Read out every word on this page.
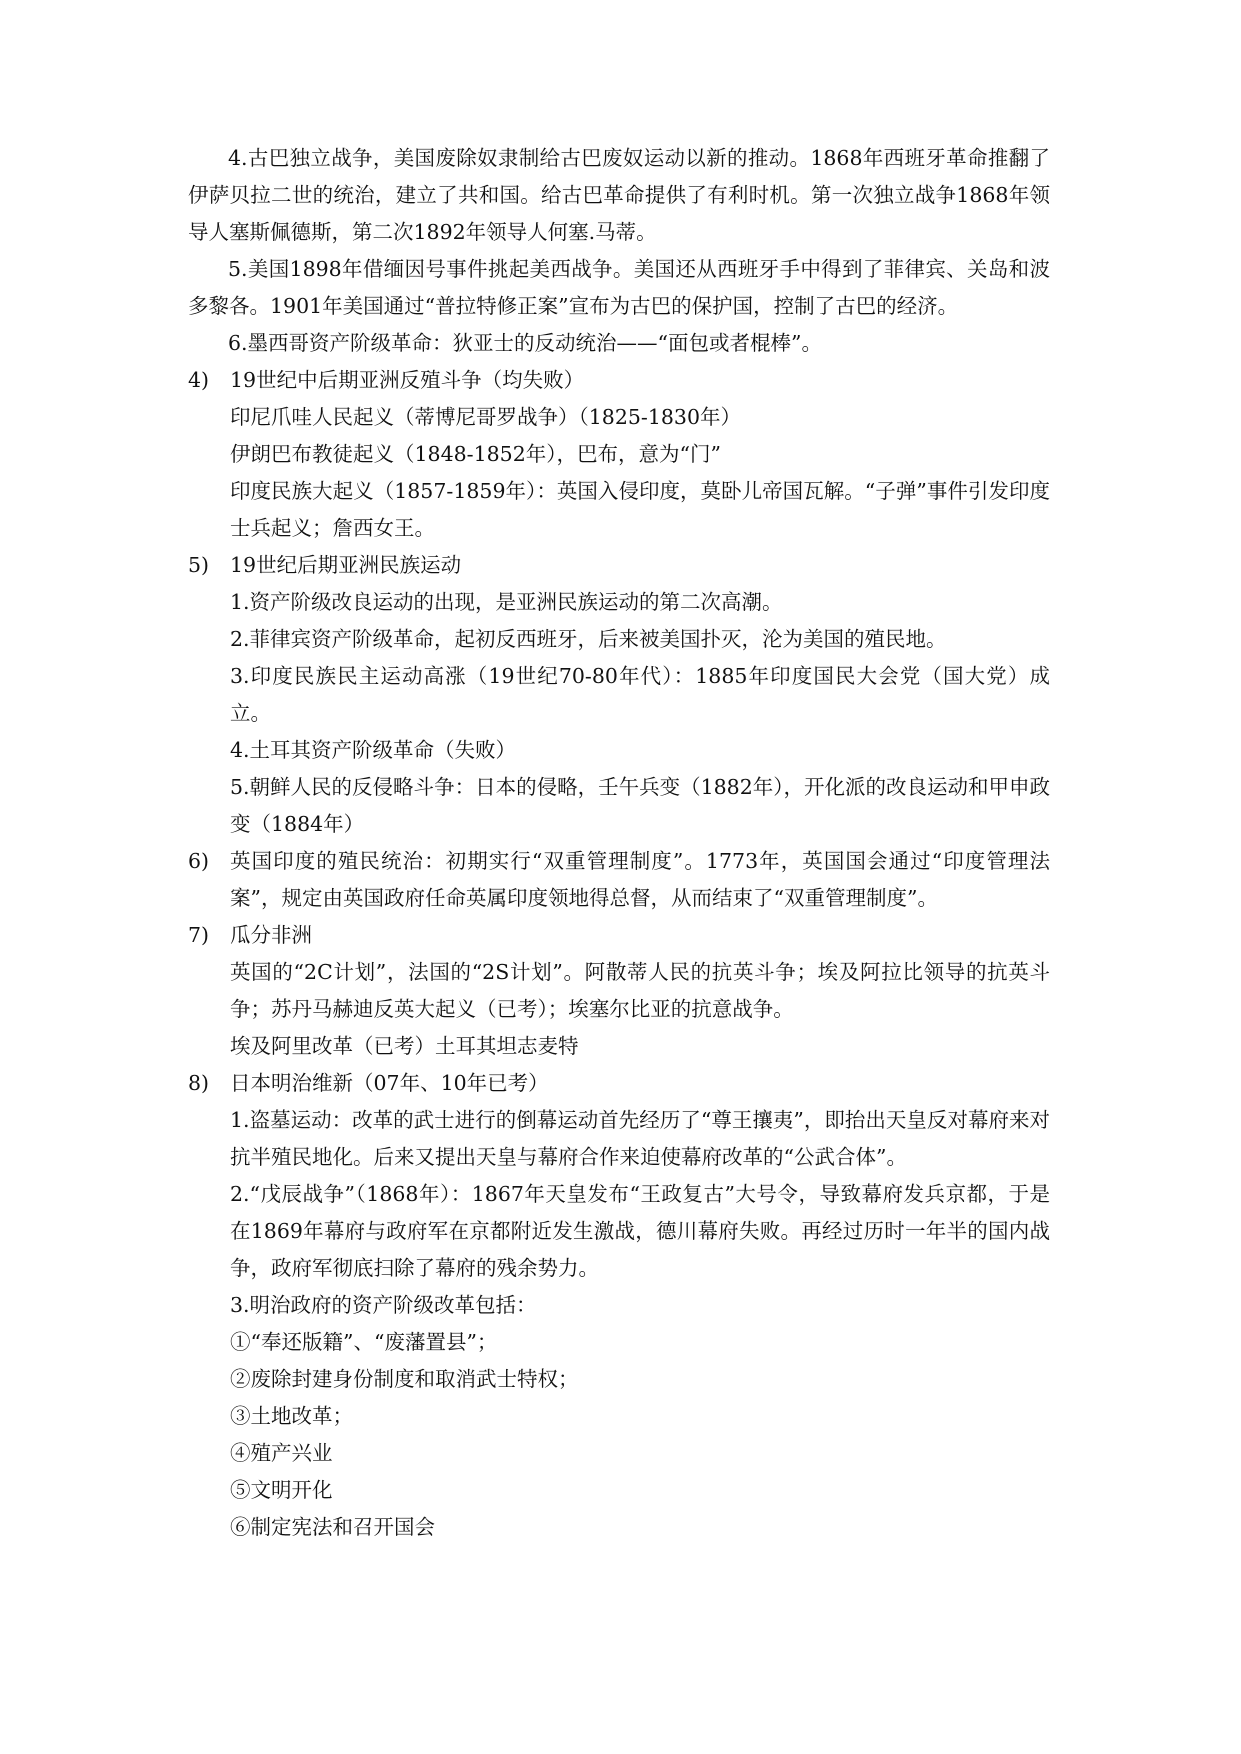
4.古巴独立战争，美国废除奴隶制给古巴废奴运动以新的推动。1868年西班牙革命推翻了伊萨贝拉二世的统治，建立了共和国。给古巴革命提供了有利时机。第一次独立战争1868年领导人塞斯佩德斯，第二次1892年领导人何塞.马蒂。

5.美国1898年借缅因号事件挑起美西战争。美国还从西班牙手中得到了菲律宾、关岛和波多黎各。1901年美国通过“普拉特修正案”宣布为古巴的保护国，控制了古巴的经济。

6.墨西哥资产阶级革命：狄亚士的反动统治——“面包或者棍棒”。

4)	19世纪中后期亚洲反殖斗争（均失败）
印尼爪哇人民起义（蒂博尼哥罗战争）（1825-1830年）
伊朗巴布教徒起义（1848-1852年），巴布，意为“门”
印度民族大起义（1857-1859年）：英国入侵印度，莫卧儿帝国瓦解。“子弹”事件引发印度士兵起义；詹西女王。
5)	19世纪后期亚洲民族运动
1.资产阶级改良运动的出现，是亚洲民族运动的第二次高潮。
2.菲律宾资产阶级革命，起初反西班牙，后来被美国扑灭，沦为美国的殖民地。
3.印度民族民主运动高涨（19世纪70-80年代）：1885年印度国民大会党（国大党）成立。
4.土耳其资产阶级革命（失败）
5.朝鲜人民的反侵略斗争：日本的侵略，壬午兵变（1882年），开化派的改良运动和甲申政变（1884年）
6)	英国印度的殖民统治：初期实行“双重管理制度”。1773年，英国国会通过“印度管理法案”，规定由英国政府任命英属印度领地得总督，从而结束了“双重管理制度”。
7)	瓜分非洲
英国的“2C计划”，法国的“2S计划”。阿散蒂人民的抗英斗争；埃及阿拉比领导的抗英斗争；苏丹马赫迪反英大起义（已考）；埃塞尔比亚的抗意战争。
埃及阿里改革（已考）土耳其坦志麦特
8)	日本明治维新（07年、10年已考）
1.盗墓运动：改革的武士进行的倒幕运动首先经历了“尊王攘夷”，即抬出天皇反对幕府来对抗半殖民地化。后来又提出天皇与幕府合作来迫使幕府改革的“公武合体”。
2.“戊辰战争”（1868年）：1867年天皇发布“王政复古”大号令，导致幕府发兵京都，于是在1869年幕府与政府军在京都附近发生激战，德川幕府失败。再经过历时一年半的国内战争，政府军彻底扫除了幕府的残余势力。
3.明治政府的资产阶级改革包括：
①“奉还版籍”、“废藩置县”；
②废除封建身份制度和取消武士特权；
③土地改革；
④殖产兴业
⑤文明开化
⑥制定宪法和召开国会
